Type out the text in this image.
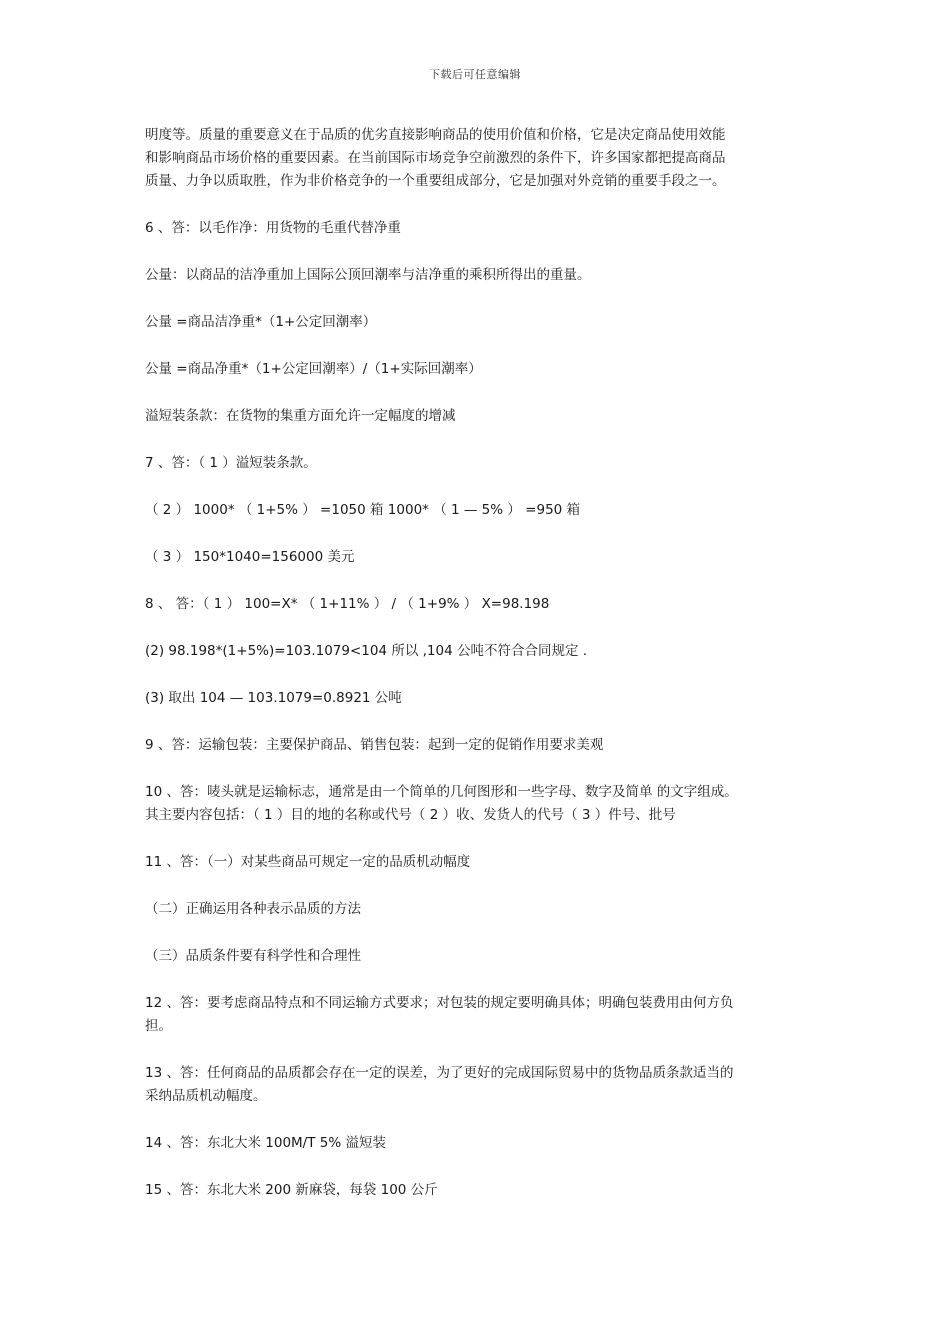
下载后可任意编辑

明度等。质量的重要意义在于品质的优劣直接影响商品的使用价值和价格，它是决定商品使用效能
和影响商品市场价格的重要因素。在当前国际市场竞争空前激烈的条件下，许多国家都把提高商品
质量、力争以质取胜，作为非价格竞争的一个重要组成部分，它是加强对外竞销的重要手段之一。

6 、答：以毛作净：用货物的毛重代替净重

公量：以商品的洁净重加上国际公顶回潮率与洁净重的乘积所得出的重量。

公量 =商品洁净重*（1+公定回潮率）

公量 =商品净重*（1+公定回潮率）/（1+实际回潮率）

溢短装条款：在货物的集重方面允许一定幅度的增减

7 、答：（ 1 ）溢短装条款。

（ 2 ） 1000* （ 1+5% ） =1050 箱 1000* （ 1 — 5% ） =950 箱

（ 3 ） 150*1040=156000 美元

8 、 答：（ 1 ） 100=X* （ 1+11% ） / （ 1+9% ） X=98.198

(2) 98.198*(1+5%)=103.1079<104 所以 ,104 公吨不符合合同规定 .

(3) 取出 104 — 103.1079=0.8921 公吨

9 、答：运输包装：主要保护商品、销售包装：起到一定的促销作用要求美观

10 、答：唛头就是运输标志，通常是由一个简单的几何图形和一些字母、数字及简单 的文字组成。
其主要内容包括：（ 1 ）目的地的名称或代号（ 2 ）收、发货人的代号（ 3 ）件号、批号

11 、答：（一）对某些商品可规定一定的品质机动幅度

（二）正确运用各种表示品质的方法

（三）品质条件要有科学性和合理性

12 、答：要考虑商品特点和不同运输方式要求；对包装的规定要明确具体；明确包装费用由何方负
担。

13 、答：任何商品的品质都会存在一定的误差，为了更好的完成国际贸易中的货物品质条款适当的
采纳品质机动幅度。

14 、答：东北大米 100M/T 5% 溢短装

15 、答：东北大米 200 新麻袋，每袋 100 公斤
